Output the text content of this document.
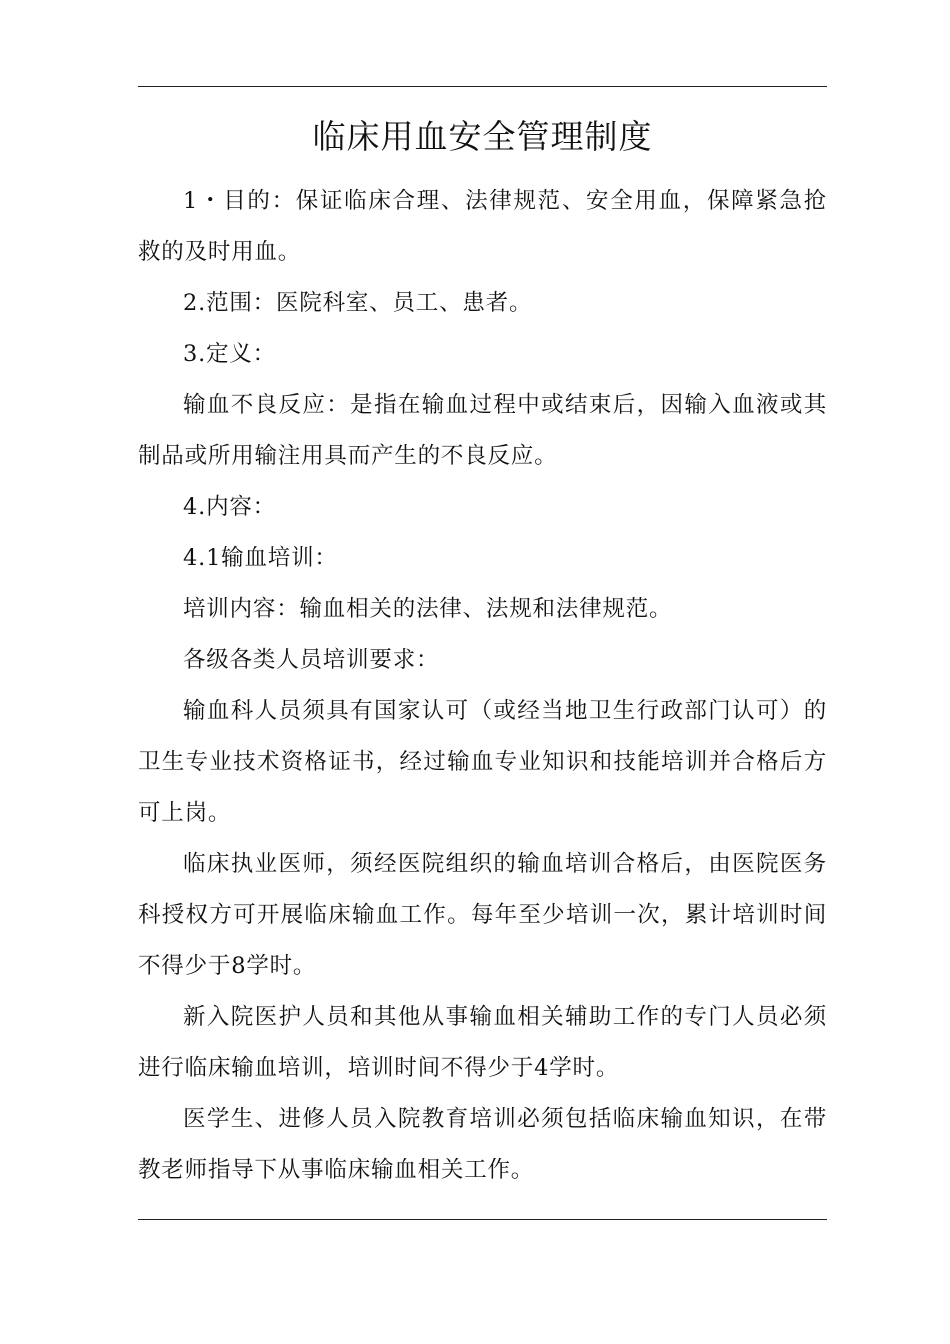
临床用血安全管理制度

1・目的：保证临床合理、法律规范、安全用血，保障紧急抢救的及时用血。

2.范围：医院科室、员工、患者。

3.定义：

输血不良反应：是指在输血过程中或结束后，因输入血液或其制品或所用输注用具而产生的不良反应。

4.内容：

4.1输血培训：

培训内容：输血相关的法律、法规和法律规范。

各级各类人员培训要求：

输血科人员须具有国家认可（或经当地卫生行政部门认可）的卫生专业技术资格证书，经过输血专业知识和技能培训并合格后方可上岗。

临床执业医师，须经医院组织的输血培训合格后，由医院医务科授权方可开展临床输血工作。每年至少培训一次，累计培训时间不得少于8学时。

新入院医护人员和其他从事输血相关辅助工作的专门人员必须进行临床输血培训，培训时间不得少于4学时。

医学生、进修人员入院教育培训必须包括临床输血知识，在带教老师指导下从事临床输血相关工作。
